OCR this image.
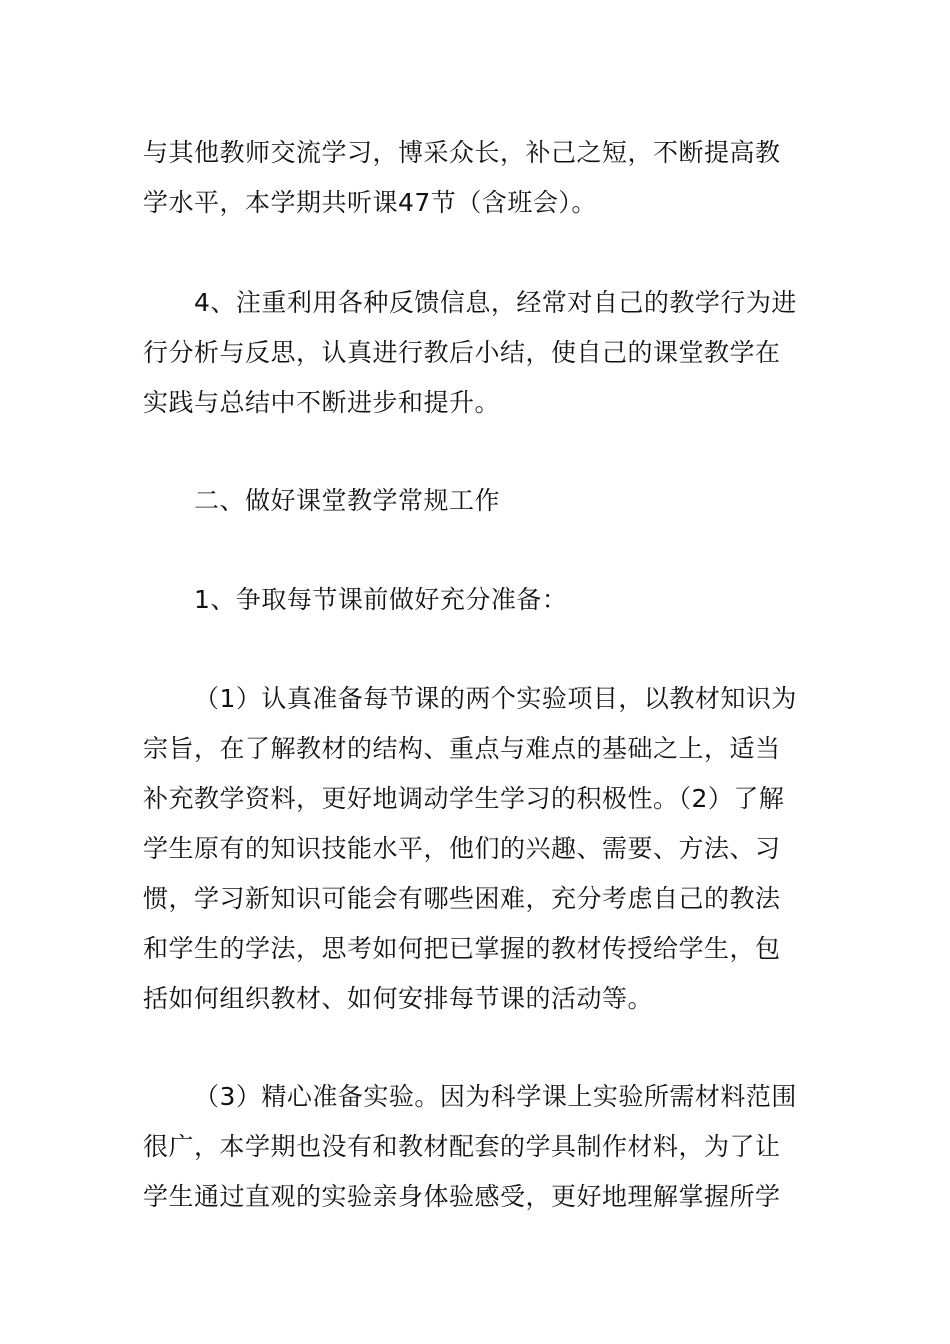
与其他教师交流学习，博采众长，补己之短，不断提高教
学水平，本学期共听课47节（含班会）。

4、注重利用各种反馈信息，经常对自己的教学行为进
行分析与反思，认真进行教后小结，使自己的课堂教学在
实践与总结中不断进步和提升。

二、做好课堂教学常规工作

1、争取每节课前做好充分准备：

（1）认真准备每节课的两个实验项目，以教材知识为
宗旨，在了解教材的结构、重点与难点的基础之上，适当
补充教学资料，更好地调动学生学习的积极性。（2）了解
学生原有的知识技能水平，他们的兴趣、需要、方法、习
惯，学习新知识可能会有哪些困难，充分考虑自己的教法
和学生的学法，思考如何把已掌握的教材传授给学生，包
括如何组织教材、如何安排每节课的活动等。

（3）精心准备实验。因为科学课上实验所需材料范围
很广，本学期也没有和教材配套的学具制作材料，为了让
学生通过直观的实验亲身体验感受，更好地理解掌握所学
